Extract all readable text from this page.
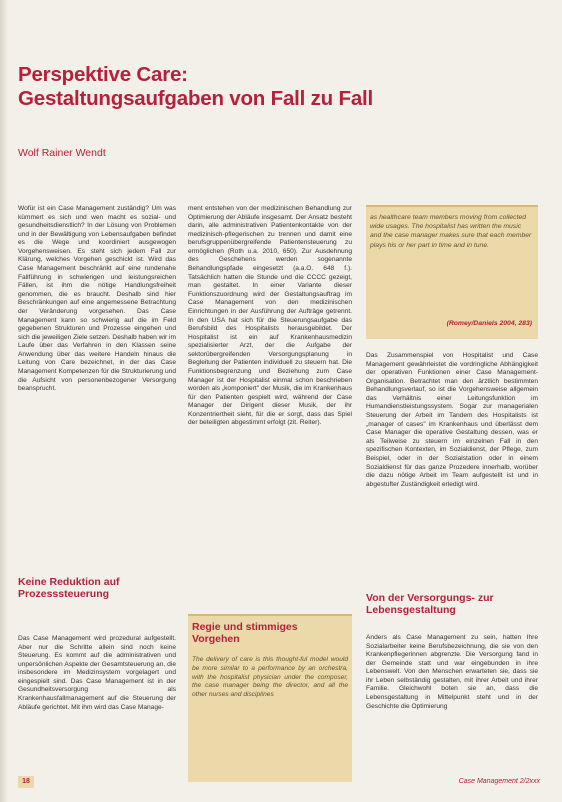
Perspektive Care:
Gestaltungsaufgaben von Fall zu Fall
Wolf Rainer Wendt

Wofür ist ein Case Management zuständig? Um was kümmert es sich und wen macht es sozial- und gesundheitsdienstlich? In der Lösung von Problemen und in der Bewältigung von Lebensaufgaben befindet es die Wege und koordiniert ausgewogen Vorgehensweisen. Es steht sich jedem Fall zur Klärung, welches Vorgehen geschickt ist. Wird das Case Management beschränkt auf eine rundenahe Fallführung in schwierigen und leistungsreichen Fällen, ist ihm die nötige Handlungsfreiheit genommen, die es braucht. Deshalb sind hier Beschränkungen auf eine angemessene Betrachtung der Veränderung vorgesehen. Das Case Management kann so schwierig auf die im Feld gegebenen Strukturen und Prozesse eingehen und sich die jeweiligen Ziele setzen. Deshalb haben wir im Laufe über das Verfahren in den Klassen seine Anwendung über das weitere Handeln hinaus die Leitung von Care bezeichnet, in der das Case Management Kompetenzen für die Strukturierung und die Aufsicht von personenbezogener Versorgung beansprucht.

ment entstehen von der medizinischen Behandlung zur Optimierung der Abläufe insgesamt. Der Ansatz besteht darin, alle administrativen Patientenkontakte von der medizinisch-pflegerischen zu trennen und damit eine berufsgruppenübergreifende Patientensteuerung zu ermöglichen (Roth u.a. 2010, 650). Zur Ausdehnung des Geschehens werden sogenannte Behandlungspfade eingesetzt (a.a.O. 648 f.). Tatsächlich hatten die Stunde und die CCCC gezeigt, man gestaltet. In einer Variante dieser Funktionszuordnung wird der Gestaltungsauftrag im Case Management von den medizinischen Einrichtungen in der Ausführung der Aufträge getrennt. In den USA hat sich für die Steuerungsaufgabe das Berufsbild des Hospitalists herausgebildet. Der Hospitalist ist ein auf Krankenhausmedizin spezialisierter Arzt, der die Aufgabe der sektorübergreifenden Versorgungsplanung in Begleitung der Patienten individuell zu steuern hat. Die Funktionsbegrenzung und Beziehung zum Case Manager ist der Hospitalist einmal schon beschrieben worden als „komponiert" der Musik, die im Krankenhaus für den Patienten gespielt wird, während der Case Manager der Dirigent dieser Musik, der ihr Konzentriertheit sieht, für die er sorgt, dass das Spiel der beteiligten abgestimmt erfolgt (zit. Reiter).

as healthcare team members moving from collected wide usages. The hospitalist has written the music and the case manager makes sure that each member plays his or her part in time and in tune.
(Romey/Daniels 2004, 283)

Das Zusammenspiel von Hospitalist und Case Management gewährleistet die vordringliche Abhängigkeit der operativen Funktionen einer Case Management-Organisation. Betrachtet man den ärztlich bestimmten Behandlungsverlauf, so ist die Vorgehensweise allgemein das Verhältnis einer Leitungsfunktion im Humandienstleistungssystem. Sogar zur managerialen Steuerung der Arbeit im Tandem des Hospitalists ist „manager of cases" im Krankenhaus und überlässt dem Case Manager die operative Gestaltung dessen, was er als Teilweise zu steuern im einzelnen Fall in den spezifischen Kontexten, im Sozialdienst, der Pflege, zum Beispiel, oder in der Sozialstation oder in einem Sozialdienst für das ganze Prozedere innerhalb, worüber die dazu nötige Arbeit im Team aufgestellt ist und in abgestufter Zuständigkeit erledigt wird.

Keine Reduktion auf
Prozesssteuerung

Das Case Management wird prozedural aufgestellt. Aber nur die Schritte allein sind noch keine Steuerung. Es kommt auf die administrativen und unpersönlichen Aspekte der Gesamtsteuerung an, die insbesondere im Medizinsystem vorgelagert und eingespielt sind. Das Case Management ist in der Gesundheitsversorgung als Krankenhausfallmanagement auf die Steuerung der Abläufe gerichtet. Mit ihm wird das Case Manage-

Regie und stimmiges
Vorgehen
The delivery of care is this thought-ful model would be more similar to a performance by an orchestra, with the hospitalist physician under the composer, the case manager being the director, and all the other nurses and disciplines
Von der Versorgungs- zur
Lebensgestaltung

Anders als Case Management zu sein, hatten Ihre Sozialarbeiter keine Berufsbezeichnung, die sie von den Krankenpflegerinnen abgrenzte. Die Versorgung fand in der Gemeinde statt und war eingebunden in ihre Lebenswelt. Von den Menschen erwarteten sie, dass sie ihr Leben selbständig gestalten, mit ihrer Arbeit und ihrer Familie. Gleichwohl boten sie an, dass die Lebensgestaltung in Mittelpunkt steht und in der Geschichte die Optimierung

18	Case Management 2/2xxx
